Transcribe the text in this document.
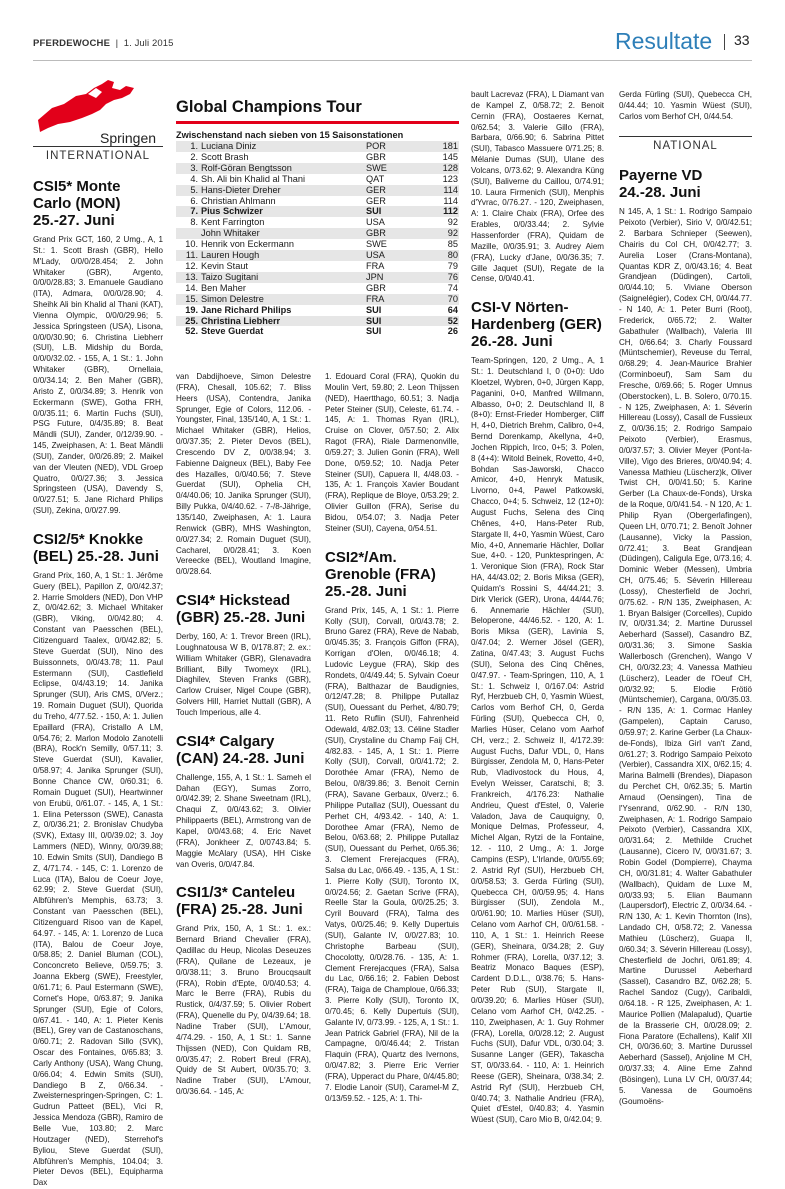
PFERDEWOCHE  |  1. Juli 2015	Resultate 33
Springen
INTERNATIONAL
Global Champions Tour
Zwischenstand nach sieben von 15 Saisonstationen
1.	Luciana Diniz	POR	181
2.	Scott Brash	GBR	145
3.	Rolf-Göran Bengtsson	SWE	128
4.	Sh. Ali bin Khalid al Thani	QAT	123
5.	Hans-Dieter Dreher	GER	114
6.	Christian Ahlmann	GER	114
7.	Pius Schwizer	SUI	112
8.	Kent Farrington	USA	92
	John Whitaker	GBR	92
10.	Henrik von Eckermann	SWE	85
11.	Lauren Hough	USA	80
12.	Kevin Staut	FRA	79
13.	Taizo Sugitani	JPN	76
14.	Ben Maher	GBR	74
15.	Simon Delestre	FRA	70
19.	Jane Richard Philips	SUI	64
25.	Christina Liebherr	SUI	52
52.	Steve Guerdat	SUI	26
CSI5* Monte Carlo (MON) 25.-27. Juni

Grand Prix GCT, 160, 2 Umg., A, 1 St.: 1. Scott Brash (GBR), Hello M'Lady, 0/0/0/28.454; 2. John Whitaker (GBR), Argento, 0/0/0/28.83; 3. Emanuele Gaudiano (ITA), Admara, 0/0/0/28.90; 4. Sheihk Ali bin Khalid al Thani (KAT), Vienna Olympic, 0/0/0/29.96; 5. Jessica Springsteen (USA), Lisona, 0/0/0/30.90; 6. Christina Liebherr (SUI), L.B. Midship du Borda, 0/0/0/32.02. - 155, A, 1 St.: 1. John Whitaker (GBR), Ornellaia, 0/0/34.14; 2. Ben Maher (GBR), Aristo Z, 0/0/34.89; 3. Henrik von Eckermann (SWE), Gotha FRH, 0/0/35.11; 6. Martin Fuchs (SUI), PSG Future, 0/4/35.89; 8. Beat Mändli (SUI), Zander, 0/12/39.90. - 145, Zweiphasen, A: 1. Beat Mändli (SUI), Zander, 0/0/26.89; 2. Maikel van der Vleuten (NED), VDL Groep Quatro, 0/0/27.36; 3. Jessica Springsteen (USA), Davendy S, 0/0/27.51; 5. Jane Richard Philips (SUI), Zekina, 0/0/27.99.

CSI2/5* Knokke (BEL) 25.-28. Juni

Grand Prix, 160, A, 1 St.: 1. Jérôme Guery (BEL), Papillon Z, 0/0/42.37; 2. Harrie Smolders (NED), Don VHP Z, 0/0/42.62; 3. Michael Whitaker (GBR), Viking, 0/0/42.80; 4. Constant van Paesschen (BEL), Citizenguard Taalex, 0/0/42.82; 5. Steve Guerdat (SUI), Nino des Buissonnets, 0/0/43.78; 11. Paul Estermann (SUI), Castlefield Eclipse, 0/4/43.19; 14. Janika Sprunger (SUI), Aris CMS, 0/Verz.; 19. Romain Duguet (SUI), Quorida du Treho, 4/77.52. - 150, A: 1. Julien Epaillard (FRA), Cristallo A LM, 0/54.76; 2. Marlon Modolo Zanotelli (BRA), Rock'n Semilly, 0/57.11; 3. Steve Guerdat (SUI), Kavalier, 0/58.97; 4. Janika Sprunger (SUI), Bonne Chance CW, 0/60.31; 6. Romain Duguet (SUI), Heartwinner von Erubü, 0/61.07. - 145, A, 1 St.: 1. Elina Petersson (SWE), Canasta Z, 0/0/36.21; 2. Bronislav Chudyba (SVK), Extasy III, 0/0/39.02; 3. Joy Lammers (NED), Winny, 0/0/39.88; 10. Edwin Smits (SUI), Dandiego B Z, 4/71.74. - 145, C: 1. Lorenzo de Luca (ITA), Balou de Coeur Joye, 62.99; 2. Steve Guerdat (SUI), Albführen's Memphis, 63.73; 3. Constant van Paesschen (BEL), Citizenguard Risoo van de Kapel, 64.97. - 145, A: 1. Lorenzo de Luca (ITA), Balou de Coeur Joye, 0/58.85; 2. Daniel Bluman (COL), Conconcreto Believe, 0/59.75; 3. Joanna Ekberg (SWE), Freestyler, 0/61.71; 6. Paul Estermann (SWE), Cornet's Hope, 0/63.87; 9. Janika Sprunger (SUI), Egie of Colors, 0/67.41. - 140, A: 1. Pieter Kenis (BEL), Grey van de Castanoschans, 0/60.71; 2. Radovan Sillo (SVK), Oscar des Fontaines, 0/65.83; 3. Carly Anthony (USA), Wang Chung, 0/66.04; 4. Edwin Smits (SUI), Dandiego B Z, 0/66.34. - Zweisternespringen-Springen, C: 1. Gudrun Patteet (BEL), Vici R, Jessica Mendoza (GBR), Ramiro de Belle Vue, 103.80; 2. Marc Houtzager (NED), Sterrehof's Byliou, Steve Guerdat (SUI), Albführen's Memphis, 104.04; 3. Pieter Devos (BEL), Equipharma Dax

van Dabdijhoeve, Simon Delestre (FRA), Chesall, 105.62; 7. Bliss Heers (USA), Contendra, Janika Sprunger, Egie of Colors, 112.06. - Youngster, Final, 135/140, A, 1 St.: 1. Michael Whitaker (GBR), Helios, 0/0/37.35; 2. Pieter Devos (BEL), Crescendo DV Z, 0/0/38.94; 3. Fabienne Daigneux (BEL), Baby Fee des Hazalles, 0/0/40.56; 7. Steve Guerdat (SUI), Ophelia CH, 0/4/40.06; 10. Janika Sprunger (SUI), Billy Pukka, 0/4/40.62. - 7-/8-Jährige, 135/140, Zweiphasen, A: 1. Laura Renwick (GBR), MHS Washington, 0/0/27.34; 2. Romain Duguet (SUI), Cacharel, 0/0/28.41; 3. Koen Vereecke (BEL), Woutland Imagine, 0/0/28.64.

CSI4* Hickstead (GBR) 25.-28. Juni

Derby, 160, A: 1. Trevor Breen (IRL), Loughnatousa W B, 0/178.87; 2. ex.: William Whitaker (GBR), Glenavadra Brilliant, Billy Twomeyx (IRL), Diaghilev, Steven Franks (GBR), Carlow Cruiser, Nigel Coupe (GBR), Golvers Hill, Harriet Nuttall (GBR), A Touch Imperious, alle 4.

CSI4* Calgary (CAN) 24.-28. Juni

Challenge, 155, A, 1 St.: 1. Sameh el Dahan (EGY), Sumas Zorro, 0/0/42.39; 2. Shane Sweetnam (IRL), Chaqui Z, 0/0/43.62; 3. Olivier Philippaerts (BEL), Armstrong van de Kapel, 0/0/43.68; 4. Eric Navet (FRA), Jonkheer Z, 0/0743.84; 5. Maggie McAlary (USA), HH Ciske van Overis, 0/0/47.84.

CSI1/3* Canteleu (FRA) 25.-28. Juni

Grand Prix, 150, A, 1 St.: 1. ex.: Bernard Briand Chevalier (FRA), Qadillac du Heup, Nicolas Deseuzes (FRA), Quilane de Lezeaux, je 0/0/38.11; 3. Bruno Broucqsault (FRA), Robin d'Epte, 0/0/40.53; 4. Marc le Berre (FRA), Rubis du Rustick, 0/4/37.59; 5. Olivier Robert (FRA), Quenelle du Py, 0/4/39.64; 18. Nadine Traber (SUI), L'Amour, 4/74.29. - 150, A, 1 St.: 1. Sanne Thijssen (NED), Con Quidam RB, 0/0/35.47; 2. Robert Breul (FRA), Quidy de St Aubert, 0/0/35.70; 3. Nadine Traber (SUI), L'Amour, 0/0/36.64. - 145, A:

1. Edouard Coral (FRA), Quokin du Moulin Vert, 59.80; 2. Leon Thijssen (NED), Haertthago, 60.51; 3. Nadja Peter Steiner (SUI), Celeste, 61.74. - 145, A: 1. Thomas Ryan (IRL), Cruise on Clover, 0/57.50; 2. Alix Ragot (FRA), Riale Darmenonville, 0/59.27; 3. Julien Gonin (FRA), Well Done, 0/59.52; 10. Nadja Peter Steiner (SUI), Capuera II, 4/48.03. - 135, A: 1. François Xavier Boudant (FRA), Replique de Bloye, 0/53.29; 2. Olivier Guillon (FRA), Serise du Bidou, 0/54.07; 3. Nadja Peter Steiner (SUI), Cayena, 0/54.51.

CSI2*/Am. Grenoble (FRA) 25.-28. Juni

Grand Prix, 145, A, 1 St.: 1. Pierre Kolly (SUI), Corvall, 0/0/43.78; 2. Bruno Garez (FRA), Reve de Nabab, 0/0/45.35; 3. François Giffon (FRA), Korrigan d'Olen, 0/0/46.18; 4. Ludovic Leygue (FRA), Skip des Rondets, 0/4/49.44; 5. Sylvain Coeur (FRA), Balthazar de Baudignies, 0/12/47.28; 8. Philippe Putallaz (SUI), Ouessant du Perhet, 4/80.79; 11. Reto Ruflin (SUI), Fahrenheid Odewald, 4/82.03; 13. Céline Stadler (SUI), Crystaline du Champ Faij CH, 4/82.83. - 145, A, 1 St.: 1. Pierre Kolly (SUI), Corvall, 0/0/41.72; 2. Dorothée Amar (FRA), Nemo de Belou, 0/8/39.86; 3. Benoit Cernin (FRA), Savane Gerbaux, 0/verz.; 6. Philippe Putallaz (SUI), Ouessant du Perhet CH, 4/93.42. - 140, A: 1. Dorothee Amar (FRA), Nemo de Belou, 0/63.68; 2. Philippe Putallaz (SUI), Ouessant du Perhet, 0/65.36; 3. Clement Frerejacques (FRA), Salsa du Lac, 0/66.49. - 135, A, 1 St.: 1. Pierre Kolly (SUI), Toronto IX, 0/0/24.56; 2. Gaetan Scrive (FRA), Reelle Star la Goula, 0/0/25.25; 3. Cyril Bouvard (FRA), Talma des Vatys, 0/0/25.46; 9. Kelly Dupertuis (SUI), Galante IV, 0/0/27.83; 10. Christophe Barbeau (SUI), Chocolotty, 0/0/28.76. - 135, A: 1. Clement Frerejacques (FRA), Salsa du Lac, 0/66.16; 2. Fabien Debost (FRA), Taiga de Champloue, 0/66.33; 3. Pierre Kolly (SUI), Toronto IX, 0/70.45; 6. Kelly Dupertuis (SUI), Galante IV, 0/73.99. - 125, A, 1 St.: 1. Jean Patrick Gabriel (FRA), Nil de la Campagne, 0/0/46.44; 2. Tristan Flaquin (FRA), Quartz des Ivernons, 0/0/47.82; 3. Pierre Eric Verrier (FRA), Upperact du Phare, 0/4/45.80; 7. Elodie Lanoir (SUI), Caramel-M Z, 0/13/59.52. - 125, A: 1. Thi-

bault Lacrevaz (FRA), L Diamant van de Kampel Z, 0/58.72; 2. Benoit Cernin (FRA), Oostaeres Kernat, 0/62.54; 3. Valerie Gillo (FRA), Barbara, 0/66.90; 6. Sabrina Pittet (SUI), Tabasco Massuere 0/71.25; 8. Mélanie Dumas (SUI), Ulane des Volcans, 0/73.62; 9. Alexandra Küng (SUI), Baliverne du Caillou, 0/74.91; 10. Laura Firmenich (SUI), Menphis d'Yvrac, 0/76.27. - 120, Zweiphasen, A: 1. Claire Chaix (FRA), Orfee des Erables, 0/0/33.44; 2. Sylvie Hassenforder (FRA), Quidam de Mazille, 0/0/35.91; 3. Audrey Aiem (FRA), Lucky d'Jane, 0/0/36.35; 7. Gille Jaquet (SUI), Regate de la Cense, 0/0/40.41.

CSI-V Nörten-Hardenberg (GER) 26.-28. Juni

Team-Springen, 120, 2 Umg., A, 1 St.: 1. Deutschland I, 0 (0+0): Udo Kloetzel, Wybren, 0+0, Jürgen Kapp, Paganini, 0+0, Manfred Willmann, Albasso, 0+0; 2. Deutschland II, 8 (8+0): Ernst-Frieder Homberger, Cliff H, 4+0, Dietrich Brehm, Calibro, 0+4, Bernd Dorenkamp, Akellyna, 4+0, Jochen Rippich, Irco, 0+5; 3. Polen, 8 (4+4): Witold Beinek, Rovetto, 4+0, Bohdan Sas-Jaworski, Chacco Amicor, 4+0, Henryk Matusik, Livorno, 0+4, Pawel Patkowski, Chacco, 0+4; 5. Schweiz, 12 (12+0): August Fuchs, Selena des Cinq Chênes, 4+0, Hans-Peter Rub, Stargate II, 4+0, Yasmin Wüest, Caro Mio, 4+0, Annemarie Hächler, Dollar Sue, 4+0. - 120, Punktespringen, A: 1. Veronique Sion (FRA), Rock Star HA, 44/43.02; 2. Boris Miksa (GER), Quidam's Rossini S, 44/44.21; 3. Dirk Vlerick (GER), Urona, 44/44.76; 6. Annemarie Hächler (SUI), Beloperone, 44/46.52. - 120, A: 1. Boris Miksa (GER), Lavinia S, 0/47.04; 2. Werner Jösel (GER), Zatina, 0/47.43; 3. August Fuchs (SUI), Selona des Cinq Chênes, 0/47.97. - Team-Springen, 110, A, 1 St.: 1. Schweiz I, 0/167.04: Astrid Ryf, Herzbueb CH, 0, Yasmin Wüest, Carlos vom Berhof CH, 0, Gerda Fürling (SUI), Quebecca CH, 0, Marlies Hüser, Celano vom Aarhof CH, verz.; 2. Schweiz II, 4/172.39: August Fuchs, Dafur VDL, 0, Hans Bürgisser, Zendola M, 0, Hans-Peter Rub, Vladivostock du Hous, 4, Evelyn Weisser, Caratschi, 8; 3. Frankreich, 4/176.23: Nathalie Andrieu, Quest d'Estel, 0, Valerie Valadon, Java de Cauquigny, 0, Monique Delmas, Professeur, 4, Michel Algan, Rytzi de la Fontaine, 12. - 110, 2 Umg., A: 1. Jorge Campins (ESP), L'Irlande, 0/0/55.69; 2. Astrid Ryf (SUI), Herzbueb CH, 0/0/58.53; 3. Gerda Fürling (SUI), Quebecca CH, 0/0/59.95; 4. Hans Bürgisser (SUI), Zendola M., 0/0/61.90; 10. Marlies Hüser (SUI), Celano vom Aarhof CH, 0/0/61.58. - 110, A, 1 St.: 1. Heinrich Reese (GER), Sheinara, 0/34.28; 2. Guy Rohmer (FRA), Lorella, 0/37.12; 3. Beatriz Monaco Baques (ESP), Cardent D.D.L., 0/38.76; 5. Hans-Peter Rub (SUI), Stargate II, 0/0/39.20; 6. Marlies Hüser (SUI), Celano vom Aarhof CH, 0/42.25. - 110, Zweiphasen, A: 1. Guy Rohmer (FRA), Lorella, 0/0/28.12; 2. August Fuchs (SUI), Dafur VDL, 0/30.04; 3. Susanne Langer (GER), Takascha ST, 0/0/33.64. - 110, A: 1. Heinrich Reese (GER), Sheinara, 0/38.34; 2. Astrid Ryf (SUI), Herzbueb CH, 0/40.74; 3. Nathalie Andrieu (FRA), Quiet d'Estel, 0/40.83; 4. Yasmin Wüest (SUI), Caro Mio B, 0/42.04; 9.

Gerda Fürling (SUI), Quebecca CH, 0/44.44; 10. Yasmin Wüest (SUI), Carlos vom Berhof CH, 0/44.54.

NATIONAL
Payerne VD 24.-28. Juni

N 145, A, 1 St.: 1. Rodrigo Sampaio Peixoto (Verbier), Sirio V, 0/0/42.51; 2. Barbara Schnieper (Seewen), Chairis du Col CH, 0/0/42.77; 3. Aurelia Loser (Crans-Montana), Quantas KDR Z, 0/0/43.16; 4. Beat Grandjean (Düdingen), Cartoli, 0/0/44.10; 5. Viviane Oberson (Saignelégier), Codex CH, 0/0/44.77. - N 140, A: 1. Peter Burri (Root), Frederick, 0/65.72; 2. Walter Gabathuler (Wallbach), Valeria III CH, 0/66.64; 3. Charly Foussard (Müntschemier), Reveuse du Terral, 0/68.29; 4. Jean-Maurice Brahier (Corminboeuf), Sam Sam du Fresche, 0/69.66; 5. Roger Umnus (Oberstocken), L. B. Solero, 0/70.15. - N 125, Zweiphasen, A: 1. Séverin Hillereau (Lossy), Casall de Fussieux Z, 0/0/36.15; 2. Rodrigo Sampaio Peixoto (Verbier), Erasmus, 0/0/37.57; 3. Olivier Meyer (Pont-la-Ville), Vigo des Brieres, 0/0/40.94; 4. Vanessa Mathieu (Lüscherz)k, Oliver Twist CH, 0/0/41.50; 5. Karine Gerber (La Chaux-de-Fonds), Urska de la Roque, 0/0/41.54. - N 120, A: 1. Philip Ryan (Obergerlafingen), Queen LH, 0/70.71; 2. Benoît Johner (Lausanne), Vicky la Passion, 0/72.41; 3. Beat Grandjean (Düdingen), Caligula Ege, 0/73.16; 4. Dominic Weber (Messen), Umbria CH, 0/75.46; 5. Séverin Hillereau (Lossy), Chesterfield de Jochri, 0/75.62. - R/N 135, Zweiphasen, A: 1. Bryan Balsiger (Corcelles), Cupido IV, 0/0/31.34; 2. Martine Durussel Aeberhard (Sassel), Casandro BZ, 0/0/31.36; 3. Simone Saskia Wallerbosch (Grenchen), Wango V CH, 0/0/32.23; 4. Vanessa Mathieu (Lüscherz), Leader de l'Oeuf CH, 0/0/32.92; 5. Elodie Frötiö (Müntschemier), Cargana, 0/0/35.03. - R/N 135, A: 1. Cormac Hanley (Gampelen), Captain Caruso, 0/59.97; 2. Karine Gerber (La Chaux-de-Fonds), Ibiza Girl van't Zand, 0/61.27; 3. Rodrigo Sampaio Peixoto (Verbier), Cassandra XIX, 0/62.15; 4. Marina Balmelli (Brendes), Diapason du Perchet CH, 0/62.35; 5. Martin Arnaud (Oensingen), Tina de l'Ysenrand, 0/62.90. - R/N 130, Zweiphasen, A: 1. Rodrigo Sampaio Peixoto (Verbier), Cassandra XIX, 0/0/31.64; 2. Methilde Cruchet (Lausanne), Cicero IV, 0/0/31.67; 3. Robin Godel (Dompierre), Chayma CH, 0/0/31.81; 4. Walter Gabathuler (Wallbach), Quidam de Luxe M, 0/0/33.93; 5. Elian Baumann (Laupersdorf), Electric Z, 0/0/34.64. - R/N 130, A: 1. Kevin Thornton (Ins), Landado CH, 0/58.72; 2. Vanessa Mathieu (Lüscherz), Guapa II, 0/60.34; 3. Séverin Hillereau (Lossy), Chesterfield de Jochri, 0/61.89; 4. Martine Durussel Aeberhard (Sassel), Casandro BZ, 0/62.28; 5. Rachel Sandoz (Cugy), Caribaldi, 0/64.18. - R 125, Zweiphasen, A: 1. Maurice Pollien (Malapalud), Quartie de la Brasserie CH, 0/0/28.09; 2. Fiona Paratore (Echallens), Kalif XII CH, 0/0/36.60; 3. Martine Durussel Aeberhard (Sassel), Anjoline M CH, 0/0/37.33; 4. Aline Erne Zahnd (Bösingen), Luna LV CH, 0/0/37.44; 5. Vanessa de Goumoëns (Goumoëns-
